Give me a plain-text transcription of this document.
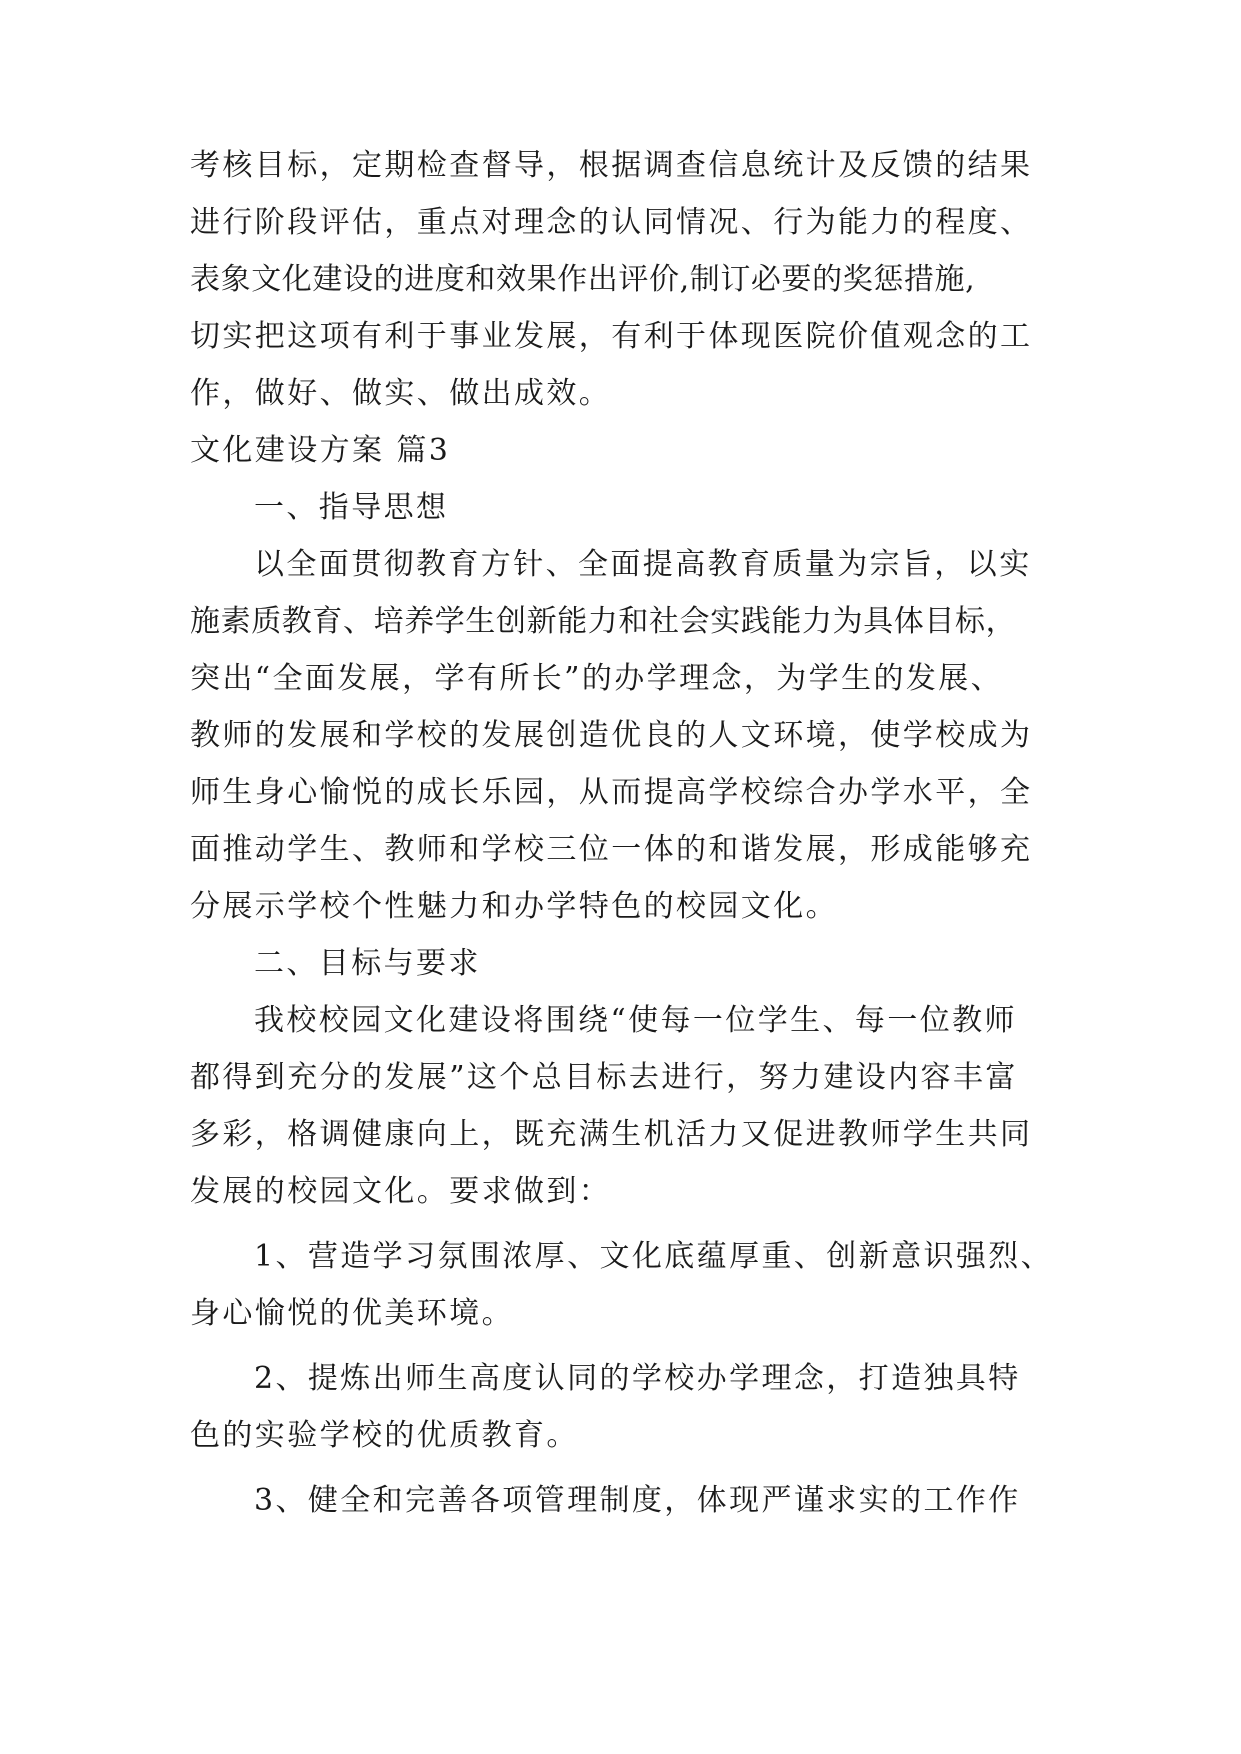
考核目标，定期检查督导，根据调查信息统计及反馈的结果
进行阶段评估，重点对理念的认同情况、行为能力的程度、
表象文化建设的进度和效果作出评价,制订必要的奖惩措施,
切实把这项有利于事业发展，有利于体现医院价值观念的工
作，做好、做实、做出成效。
文化建设方案 篇3
一、指导思想
以全面贯彻教育方针、全面提高教育质量为宗旨，以实
施素质教育、培养学生创新能力和社会实践能力为具体目标，
突出“全面发展，学有所长”的办学理念，为学生的发展、
教师的发展和学校的发展创造优良的人文环境，使学校成为
师生身心愉悦的成长乐园，从而提高学校综合办学水平，全
面推动学生、教师和学校三位一体的和谐发展，形成能够充
分展示学校个性魅力和办学特色的校园文化。
二、目标与要求
我校校园文化建设将围绕“使每一位学生、每一位教师
都得到充分的发展”这个总目标去进行，努力建设内容丰富
多彩，格调健康向上，既充满生机活力又促进教师学生共同
发展的校园文化。要求做到：
1、营造学习氛围浓厚、文化底蕴厚重、创新意识强烈、
身心愉悦的优美环境。
2、提炼出师生高度认同的学校办学理念，打造独具特
色的实验学校的优质教育。
3、健全和完善各项管理制度，体现严谨求实的工作作
